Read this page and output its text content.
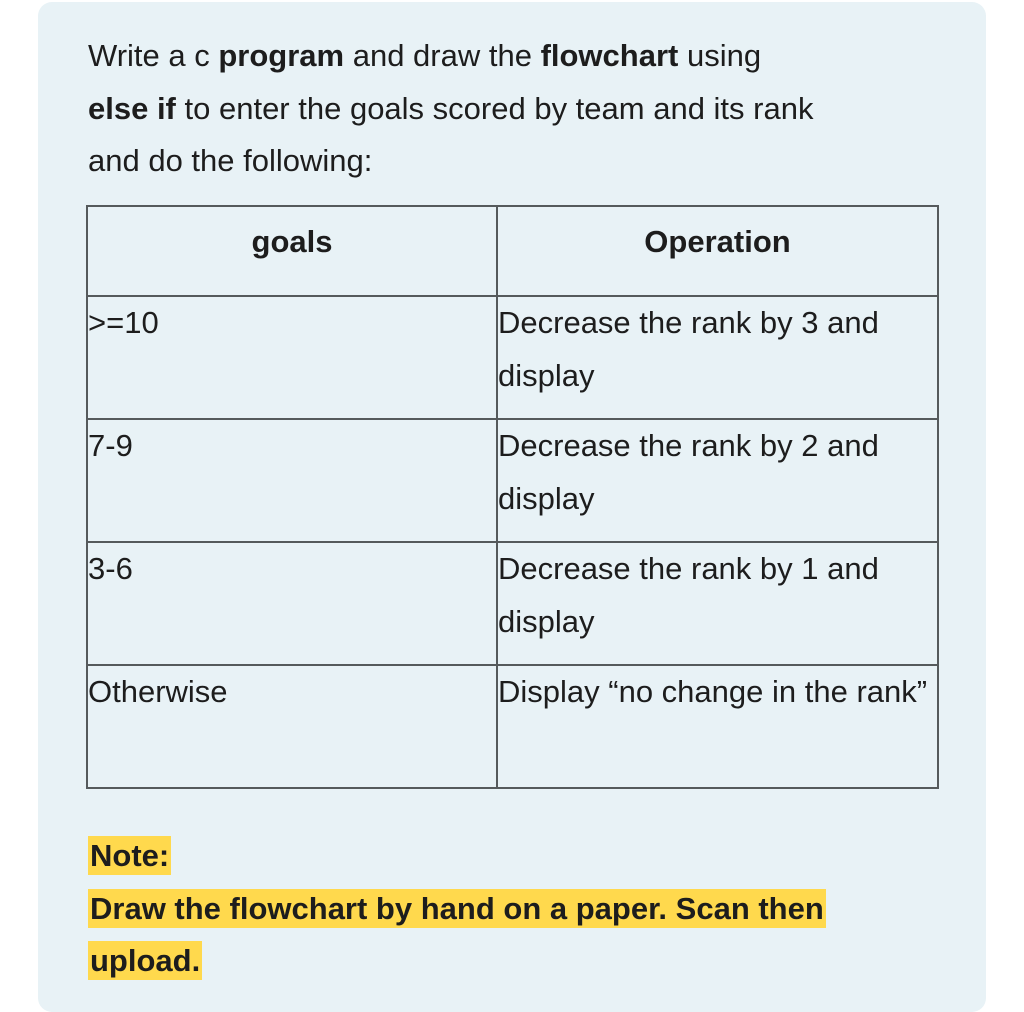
Write a c program and draw the flowchart using
else if to enter the goals scored by team and its rank
and do the following:

goals	Operation
>=10	Decrease the rank by 3 and display
7-9	Decrease the rank by 2 and display
3-6	Decrease the rank by 1 and display
Otherwise	Display “no change in the rank”

Note:
Draw the flowchart by hand on a paper. Scan then
upload.
